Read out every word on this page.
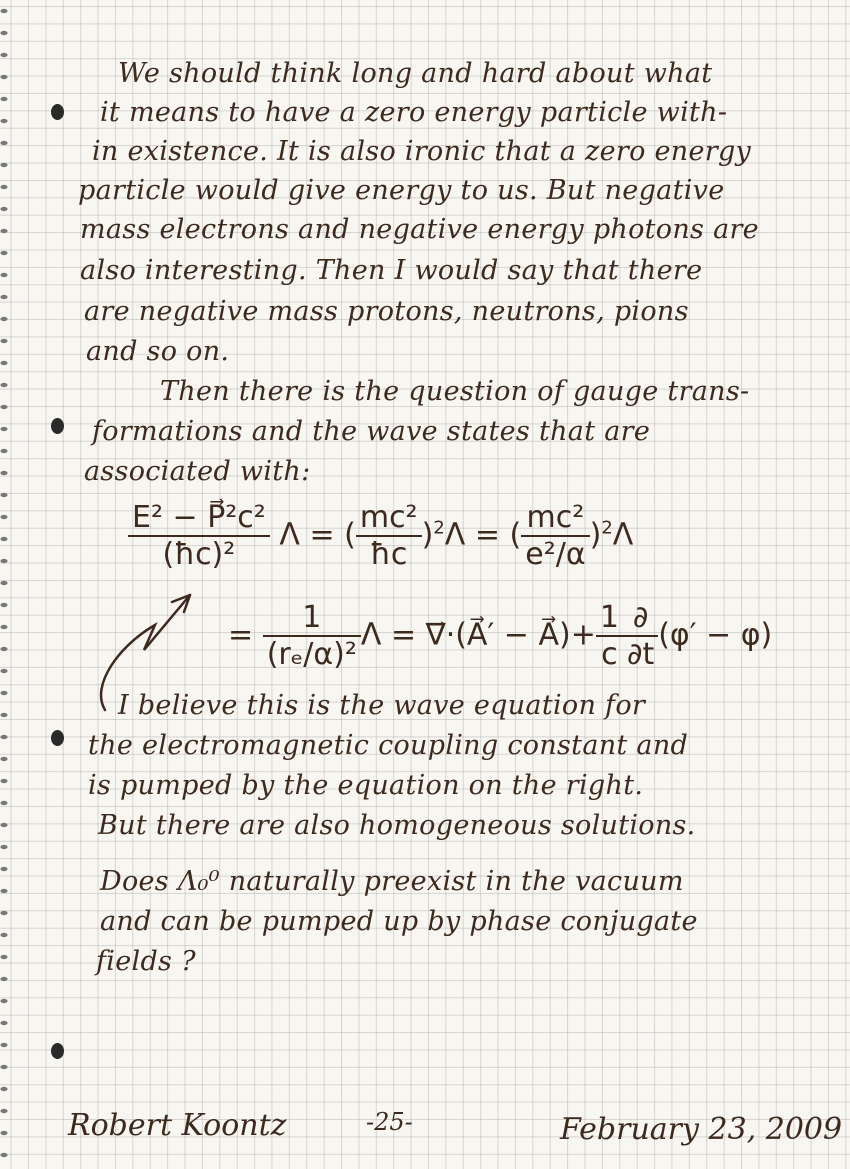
We should think long and hard about what
it means to have a zero energy particle with-
in existence. It is also ironic that a zero energy
particle would give energy to us. But negative
mass electrons and negative energy photons are
also interesting. Then I would say that there
are negative mass protons, neutrons, pions
and so on.
Then there is the question of gauge trans-
formations and the wave states that are
associated with:
$\frac{\text{E² − P⃗²c²}}{\text{(ħc)²}}$ Λ = ( $\frac{\text{mc²}}{ħc} )^2\Lambda$ = ( $\frac{\text{mc²}}{\text{e²/α}} )^2\Lambda$
= $\frac{1}{\text{(rₑ/α)²}}$ Λ = ∇⃗·(A⃗′ − A⃗)+ $\frac{1}{c} \frac{\partial}{\partial t} (\varphi' - \varphi)$
I believe this is the wave equation for
the electromagnetic coupling constant and
is pumped by the equation on the right.
But there are also homogeneous solutions.
Does Λ₀⁰ naturally preexist in the vacuum
and can be pumped up by phase conjugate
fields ?
Robert Koontz	-25-	February 23, 2009
